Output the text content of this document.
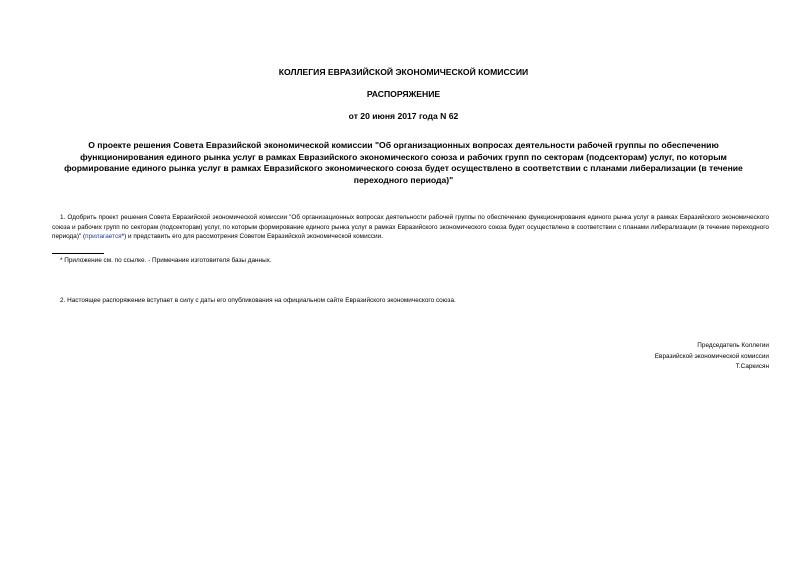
КОЛЛЕГИЯ ЕВРАЗИЙСКОЙ ЭКОНОМИЧЕСКОЙ КОМИССИИ
РАСПОРЯЖЕНИЕ
от 20 июня 2017 года N 62
О проекте решения Совета Евразийской экономической комиссии "Об организационных вопросах деятельности рабочей группы по обеспечению функционирования единого рынка услуг в рамках Евразийского экономического союза и рабочих групп по секторам (подсекторам) услуг, по которым формирование единого рынка услуг в рамках Евразийского экономического союза будет осуществлено в соответствии с планами либерализации (в течение переходного периода)"
1. Одобрить проект решения Совета Евразийской экономической комиссии "Об организационных вопросах деятельности рабочей группы по обеспечению функционирования единого рынка услуг в рамках Евразийского экономического союза и рабочих групп по секторам (подсекторам) услуг, по которым формирование единого рынка услуг в рамках Евразийского экономического союза будет осуществлено в соответствии с планами либерализации (в течение переходного периода)" (прилагается*) и представить его для рассмотрения Советом Евразийской экономической комиссии.
* Приложение см. по ссылке. - Примечание изготовителя базы данных.
2. Настоящее распоряжение вступает в силу с даты его опубликования на официальном сайте Евразийского экономического союза.
Председатель Коллегии
Евразийской экономической комиссии
Т.Саркисян
